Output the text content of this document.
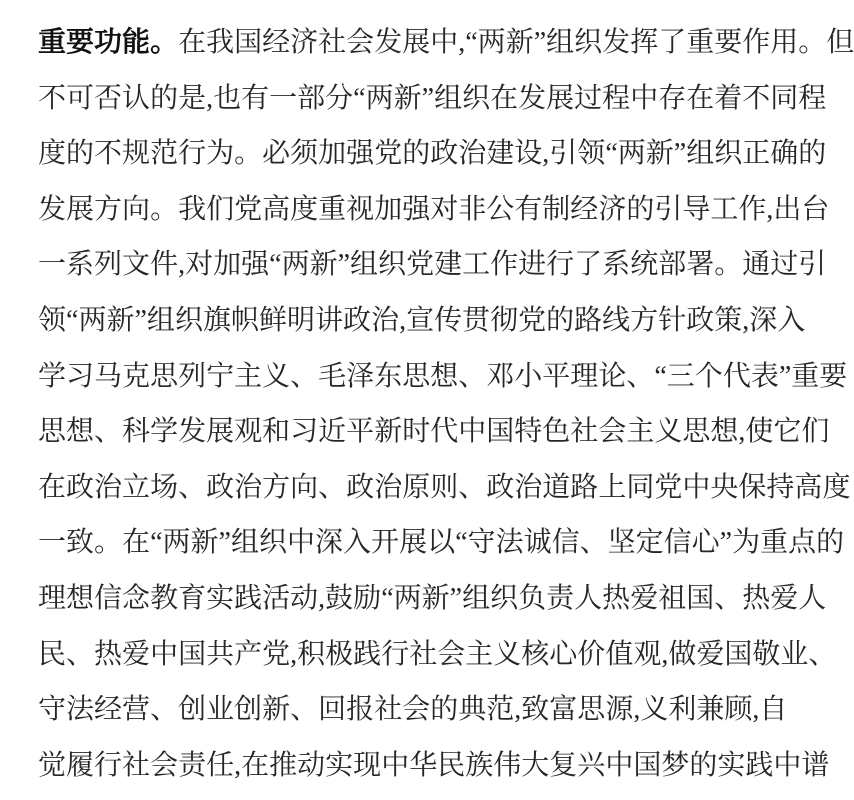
重 要 功 能 。 在 我 国 经 济 社 会 发 展 中 , “ 两 新 ” 组 织 发 挥 了 重 要 作 用 。 但
不 可 否 认 的 是 , 也 有 一 部 分 “ 两 新 ” 组 织 在 发 展 过 程 中 存 在 着 不 同 程
度 的 不 规 范 行 为 。 必 须 加 强 党 的 政 治 建 设 , 引 领 “ 两 新 ” 组 织 正 确 的
发 展 方 向 。 我 们 党 高 度 重 视 加 强 对 非 公 有 制 经 济 的 引 导 工 作 , 出 台
一 系 列 文 件 , 对 加 强 “ 两 新 ” 组 织 党 建 工 作 进 行 了 系 统 部 署 。 通 过 引
领 “ 两 新 ” 组 织 旗 帜 鲜 明 讲 政 治 , 宣 传 贯 彻 党 的 路 线 方 针 政 策 , 深 入
学 习 马 克 思 列 宁 主 义 、 毛 泽 东 思 想 、 邓 小 平 理 论 、 “ 三 个 代 表 ” 重 要
思 想 、 科 学 发 展 观 和 习 近 平 新 时 代 中 国 特 色 社 会 主 义 思 想 , 使 它 们
在 政 治 立 场 、 政 治 方 向 、 政 治 原 则 、 政 治 道 路 上 同 党 中 央 保 持 高 度
一 致 。 在 “ 两 新 ” 组 织 中 深 入 开 展 以 “ 守 法 诚 信 、 坚 定 信 心 ” 为 重 点 的
理 想 信 念 教 育 实 践 活 动 , 鼓 励 “ 两 新 ” 组 织 负 责 人 热 爱 祖 国 、 热 爱 人
民 、 热 爱 中 国 共 产 党 , 积 极 践 行 社 会 主 义 核 心 价 值 观 , 做 爱 国 敬 业 、
守 法 经 营 、 创 业 创 新 、 回 报 社 会 的 典 范 , 致 富 思 源 , 义 利 兼 顾 , 自
觉 履 行 社 会 责 任 , 在 推 动 实 现 中 华 民 族 伟 大 复 兴 中 国 梦 的 实 践 中 谱
